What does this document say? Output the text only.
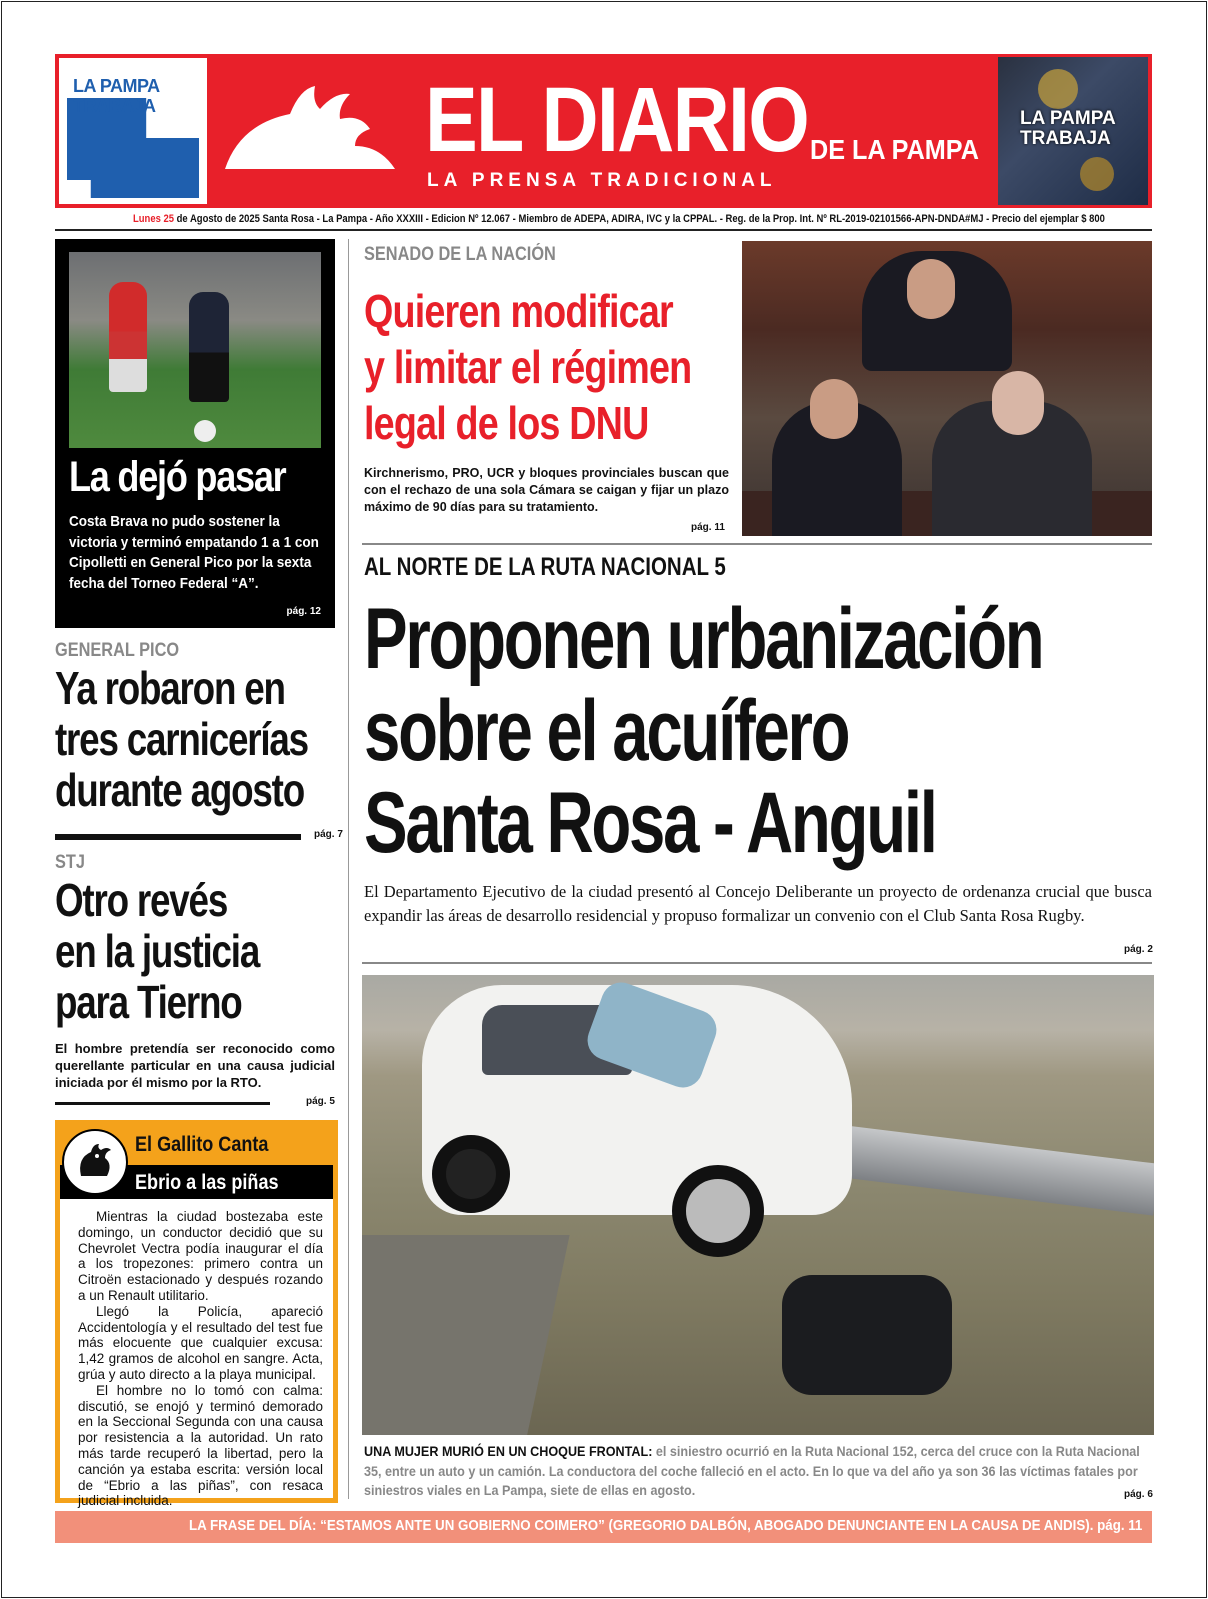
LA PAMPA
TRABAJA	EL DIARIO DE LA PAMPA
LA PRENSA TRADICIONAL
LA PAMPA
TRABAJA
Lunes 25 de Agosto de 2025 Santa Rosa - La Pampa - Año XXXIII - Edicion Nº 12.067 - Miembro de ADEPA, ADIRA, IVC y la CPPAL. - Reg. de la Prop. Int. Nº RL-2019-02101566-APN-DNDA#MJ - Precio del ejemplar $ 800
La dejó pasar
Costa Brava no pudo sostener la victoria y terminó empatando 1 a 1 con Cipolletti en General Pico por la sexta fecha del Torneo Federal “A”.
pág. 12
GENERAL PICO
Ya robaron en
tres carnicerías
durante agosto
pág. 7
STJ
Otro revés
en la justicia
para Tierno
El hombre pretendía ser reconocido como querellante particular en una causa judicial iniciada por él mismo por la RTO.
pág. 5
El Gallito Canta
Ebrio a las piñas

Mientras la ciudad bostezaba este domingo, un conductor decidió que su Chevrolet Vectra podía inaugurar el día a los tropezones: primero contra un Citroën estacionado y después rozando a un Renault utilitario.

Llegó la Policía, apareció Accidentología y el resultado del test fue más elocuente que cualquier excusa: 1,42 gramos de alcohol en sangre. Acta, grúa y auto directo a la playa municipal.

El hombre no lo tomó con calma: discutió, se enojó y terminó demorado en la Seccional Segunda con una causa por resistencia a la autoridad. Un rato más tarde recuperó la libertad, pero la canción ya estaba escrita: versión local de “Ebrio a las piñas”, con resaca judicial incluida.

SENADO DE LA NACIÓN
Quieren modificar
y limitar el régimen
legal de los DNU
Kirchnerismo, PRO, UCR y bloques provinciales buscan que con el rechazo de una sola Cámara se caigan y fijar un plazo máximo de 90 días para su tratamiento.
pág. 11
AL NORTE DE LA RUTA NACIONAL 5
Proponen urbanización
sobre el acuífero
Santa Rosa - Anguil
El Departamento Ejecutivo de la ciudad presentó al Concejo Deliberante un proyecto de ordenanza crucial que busca expandir las áreas de desarrollo residencial y propuso formalizar un convenio con el Club Santa Rosa Rugby.
pág. 2
UNA MUJER MURIÓ EN UN CHOQUE FRONTAL: el siniestro ocurrió en la Ruta Nacional 152, cerca del cruce con la Ruta Nacional 35, entre un auto y un camión. La conductora del coche falleció en el acto. En lo que va del año ya son 36 las víctimas fatales por siniestros viales en La Pampa, siete de ellas en agosto.	pág. 6
LA FRASE DEL DÍA: “ESTAMOS ANTE UN GOBIERNO COIMERO” (GREGORIO DALBÓN, ABOGADO DENUNCIANTE EN LA CAUSA DE ANDIS). pág. 11
